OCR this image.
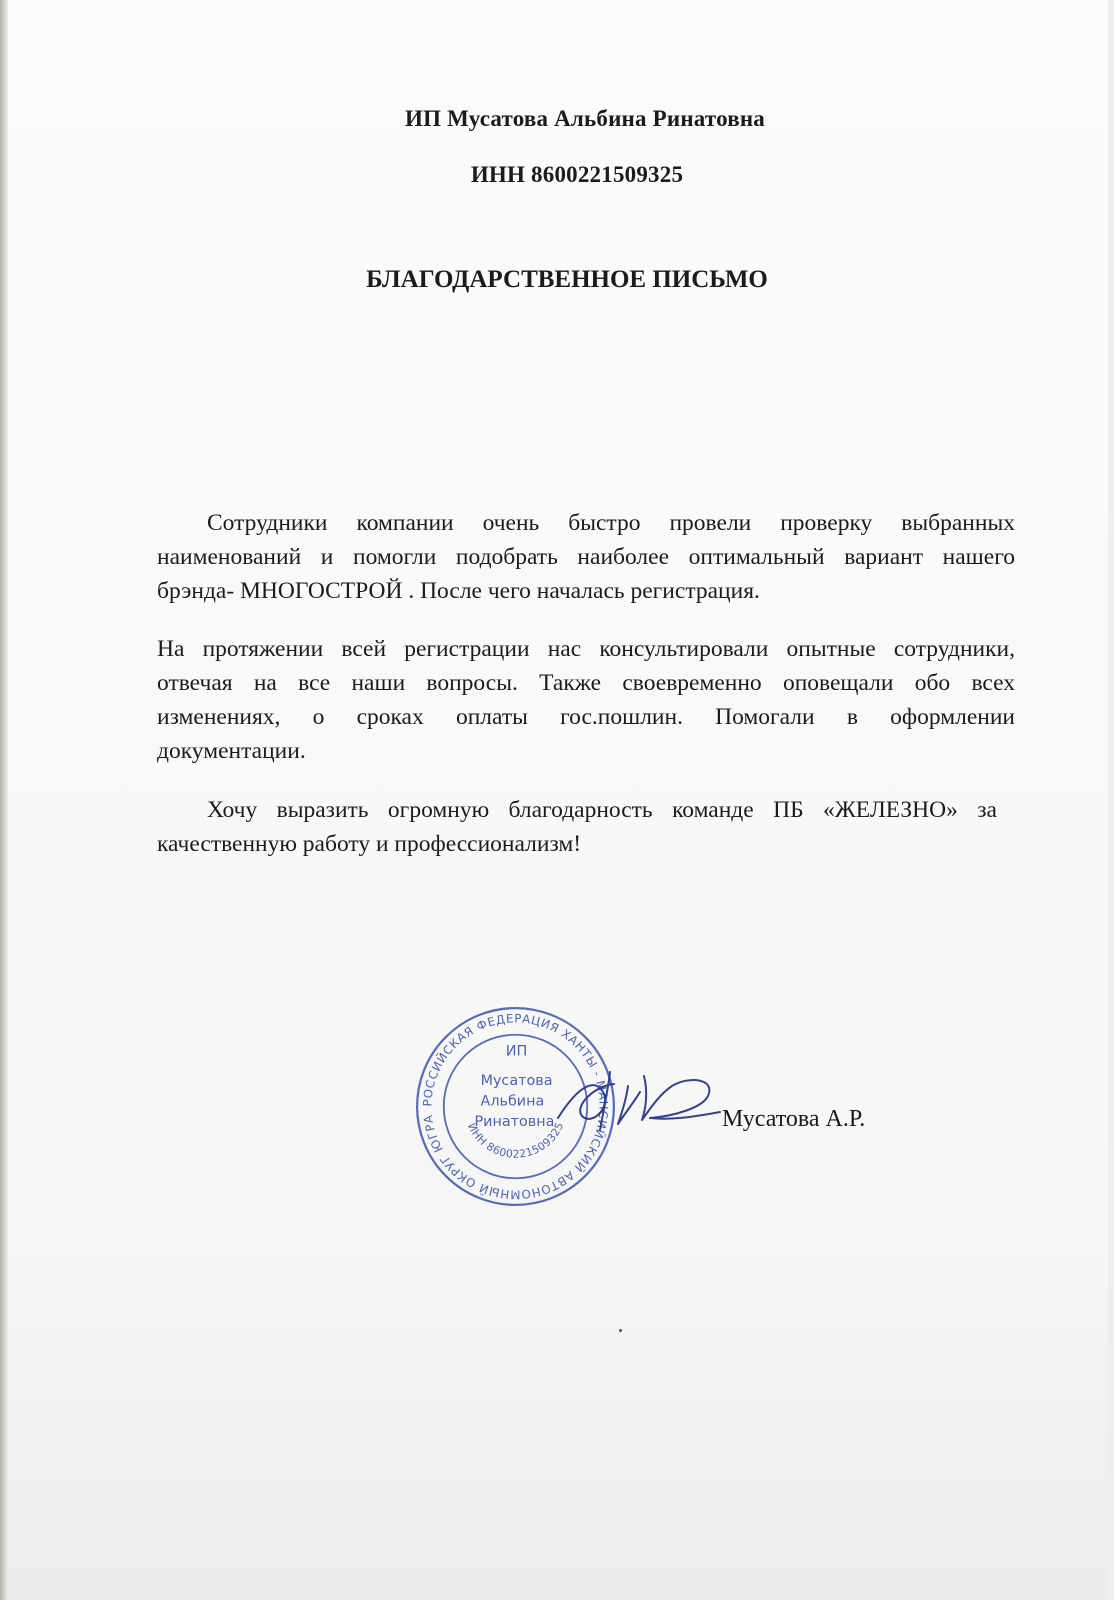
ИП Мусатова Альбина Ринатовна
ИНН 8600221509325
БЛАГОДАРСТВЕННОЕ ПИСЬМО
Сотрудники компании очень быстро провели проверку выбранных
наименований и помогли подобрать наиболее оптимальный вариант нашего
брэнда- МНОГОСТРОЙ . После чего началась регистрация.
На протяжении всей регистрации нас консультировали опытные сотрудники,
отвечая на все наши вопросы. Также своевременно оповещали обо всех
изменениях, о сроках оплаты гос.пошлин. Помогали в оформлении
документации.
Хочу выразить огромную благодарность команде ПБ «ЖЕЛЕЗНО» за
качественную работу и профессионализм!
РОССИЙСКАЯ ФЕДЕРАЦИЯ ХАНТЫ - МАНСИЙСКИЙ АВТОНОМНЫЙ ОКРУГ ЮГРА
ИНН 8600221509325
ИП
Мусатова
Альбина
Ринатовна	Мусатова А.Р.
